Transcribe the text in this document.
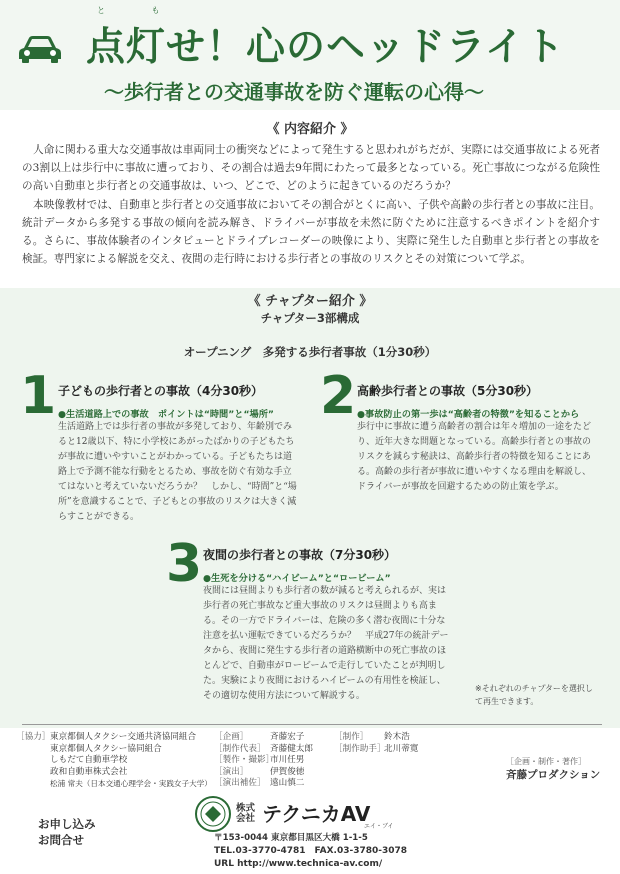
と も
点灯せ！心のヘッドライト
〜歩行者との交通事故を防ぐ運転の心得〜
《 内容紹介 》

人命に関わる重大な交通事故は車両同士の衝突などによって発生すると思われがちだが、実際には交通事故による死者の3割以上は歩行中に事故に遭っており、その割合は過去9年間にわたって最多となっている。死亡事故につながる危険性の高い自動車と歩行者との交通事故は、いつ、どこで、どのように起きているのだろうか？

本映像教材では、自動車と歩行者との交通事故においてその割合がとくに高い、子供や高齢の歩行者との事故に注目。統計データから多発する事故の傾向を読み解き、ドライバーが事故を未然に防ぐために注意するべきポイントを紹介する。さらに、事故体験者のインタビューとドライブレコーダーの映像により、実際に発生した自動車と歩行者との事故を検証。専門家による解説を交え、夜間の走行時における歩行者との事故のリスクとその対策について学ぶ。

《 チャプター紹介 》
チャプター3部構成
オープニング　多発する歩行者事故（1分30秒）
1 子どもの歩行者との事故（4分30秒）
●生活道路上での事故　ポイントは“時間”と“場所”
生活道路上では歩行者の事故が多発しており、年齢別でみると12歳以下、特に小学校にあがったばかりの子どもたちが事故に遭いやすいことがわかっている。子どもたちは道路上で予測不能な行動をとるため、事故を防ぐ有効な手立てはないと考えていないだろうか？　しかし、“時間”と“場所”を意識することで、子どもとの事故のリスクは大きく減らすことができる。
2 高齢歩行者との事故（5分30秒）
●事故防止の第一歩は“高齢者の特徴”を知ることから
歩行中に事故に遭う高齢者の割合は年々増加の一途をたどり、近年大きな問題となっている。高齢歩行者との事故のリスクを減らす秘訣は、高齢歩行者の特徴を知ることにある。高齢の歩行者が事故に遭いやすくなる理由を解説し、ドライバーが事故を回避するための防止策を学ぶ。
3 夜間の歩行者との事故（7分30秒）
●生死を分ける“ハイビーム”と“ロービーム”
夜間には昼間よりも歩行者の数が減ると考えられるが、実は歩行者の死亡事故など重大事故のリスクは昼間よりも高まる。その一方でドライバーは、危険の多く潜む夜間に十分な注意を払い運転できているだろうか？　平成27年の統計データから、夜間に発生する歩行者の道路横断中の死亡事故のほとんどで、自動車がロービームで走行していたことが判明した。実験により夜間におけるハイビームの有用性を検証し、その適切な使用方法について解説する。
※それぞれのチャプターを選択して再生できます。
［協力］ 東京都個人タクシー交通共済協同組合
東京都個人タクシー協同組合
しもだて自動車学校
政和自動車株式会社
松浦 常夫（日本交通心理学会・実践女子大学）
［企画］	斉藤宏子
［制作代表］ 斉藤健太郎
［製作・撮影］市川任男
［演出］	伊賀俊徳
［演出補佐］ 遠山慎二
［制作］ 鈴木浩
［制作助手］北川蒂寛
［企画・制作・著作］
斉藤プロダクション
お申し込み
お問合せ
株式会社 テクニカAV
エイ・ブイ
〒153-0044 東京都目黒区大橋 1-1-5
TEL.03-3770-4781　FAX.03-3780-3078
URL http://www.technica-av.com/
